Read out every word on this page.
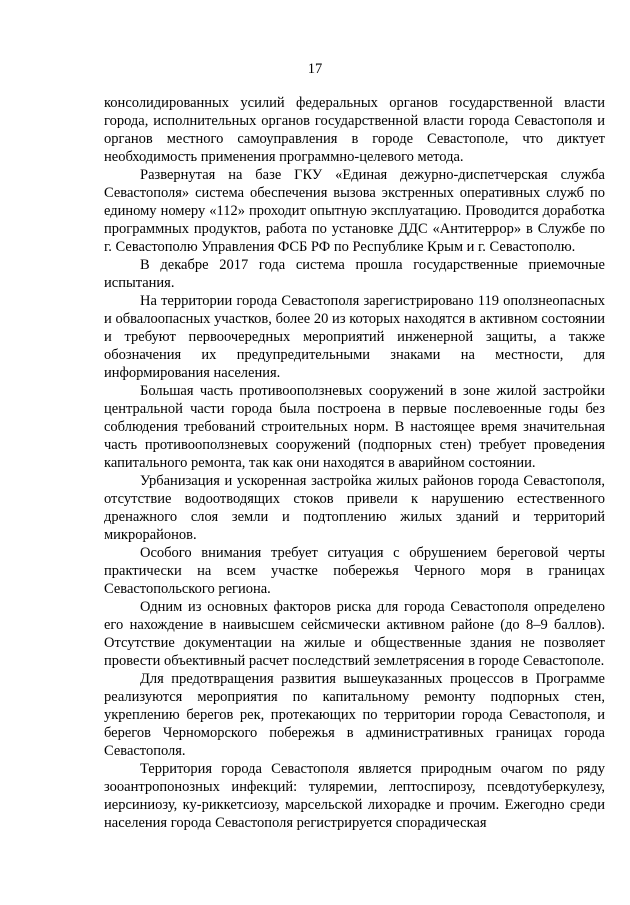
17

консолидированных усилий федеральных органов государственной власти города, исполнительных органов государственной власти города Севастополя и органов местного самоуправления в городе Севастополе, что диктует необходимость применения программно-целевого метода.

Развернутая на базе ГКУ «Единая дежурно-диспетчерская служба Севастополя» система обеспечения вызова экстренных оперативных служб по единому номеру «112» проходит опытную эксплуатацию. Проводится доработка программных продуктов, работа по установке ДДС «Антитеррор» в Службе по г. Севастополю Управления ФСБ РФ по Республике Крым и г. Севастополю.

В декабре 2017 года система прошла государственные приемочные испытания.

На территории города Севастополя зарегистрировано 119 оползнеопасных и обвалоопасных участков, более 20 из которых находятся в активном состоянии и требуют первоочередных мероприятий инженерной защиты, а также обозначения их предупредительными знаками на местности, для информирования населения.

Большая часть противооползневых сооружений в зоне жилой застройки центральной части города была построена в первые послевоенные годы без соблюдения требований строительных норм. В настоящее время значительная часть противооползневых сооружений (подпорных стен) требует проведения капитального ремонта, так как они находятся в аварийном состоянии.

Урбанизация и ускоренная застройка жилых районов города Севастополя, отсутствие водоотводящих стоков привели к нарушению естественного дренажного слоя земли и подтоплению жилых зданий и территорий микрорайонов.

Особого внимания требует ситуация с обрушением береговой черты практически на всем участке побережья Черного моря в границах Севастопольского региона.

Одним из основных факторов риска для города Севастополя определено его нахождение в наивысшем сейсмически активном районе (до 8–9 баллов). Отсутствие документации на жилые и общественные здания не позволяет провести объективный расчет последствий землетрясения в городе Севастополе.

Для предотвращения развития вышеуказанных процессов в Программе реализуются мероприятия по капитальному ремонту подпорных стен, укреплению берегов рек, протекающих по территории города Севастополя, и берегов Черноморского побережья в административных границах города Севастополя.

Территория города Севастополя является природным очагом по ряду зооантропонозных инфекций: туляремии, лептоспирозу, псевдотуберкулезу, иерсиниозу, ку-риккетсиозу, марсельской лихорадке и прочим. Ежегодно среди населения города Севастополя регистрируется спорадическая
